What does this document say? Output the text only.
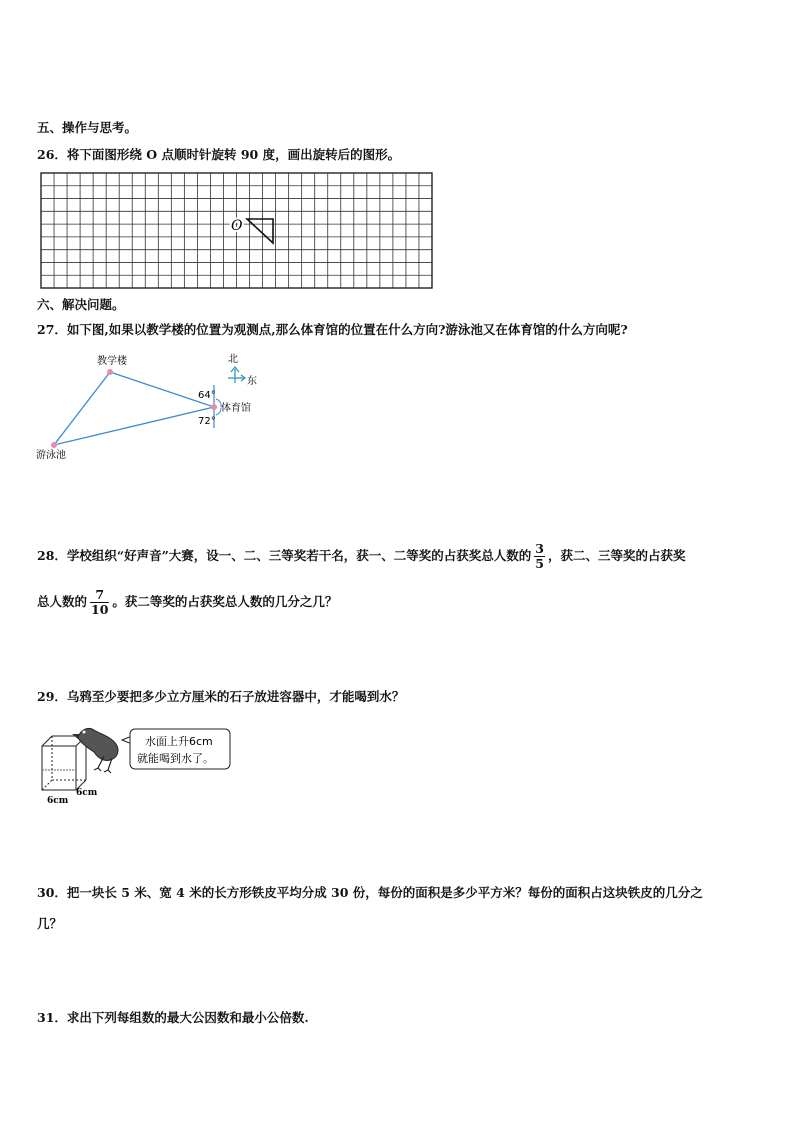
五、操作与思考。
26．将下面图形绕 O 点顺时针旋转 90 度，画出旋转后的图形。
O
六、解决问题。
27．如下图,如果以教学楼的位置为观测点,那么体育馆的位置在什么方向?游泳池又在体育馆的什么方向呢?
教学楼
体育馆
游泳池
64°
72°
北
东
28．学校组织“好声音”大赛，设一、二、三等奖若干名，获一、二等奖的占获奖总人数的 $\frac{3}{5}$ ，获二、三等奖的占获奖
总人数的 $\frac{7}{10}$ 。获二等奖的占获奖总人数的几分之几？
29．乌鸦至少要把多少立方厘米的石子放进容器中，才能喝到水？
水面上升6cm
就能喝到水了。
6cm
6cm
30．把一块长 5 米、宽 4 米的长方形铁皮平均分成 30 份，每份的面积是多少平方米？每份的面积占这块铁皮的几分之
几？
31．求出下列每组数的最大公因数和最小公倍数.
